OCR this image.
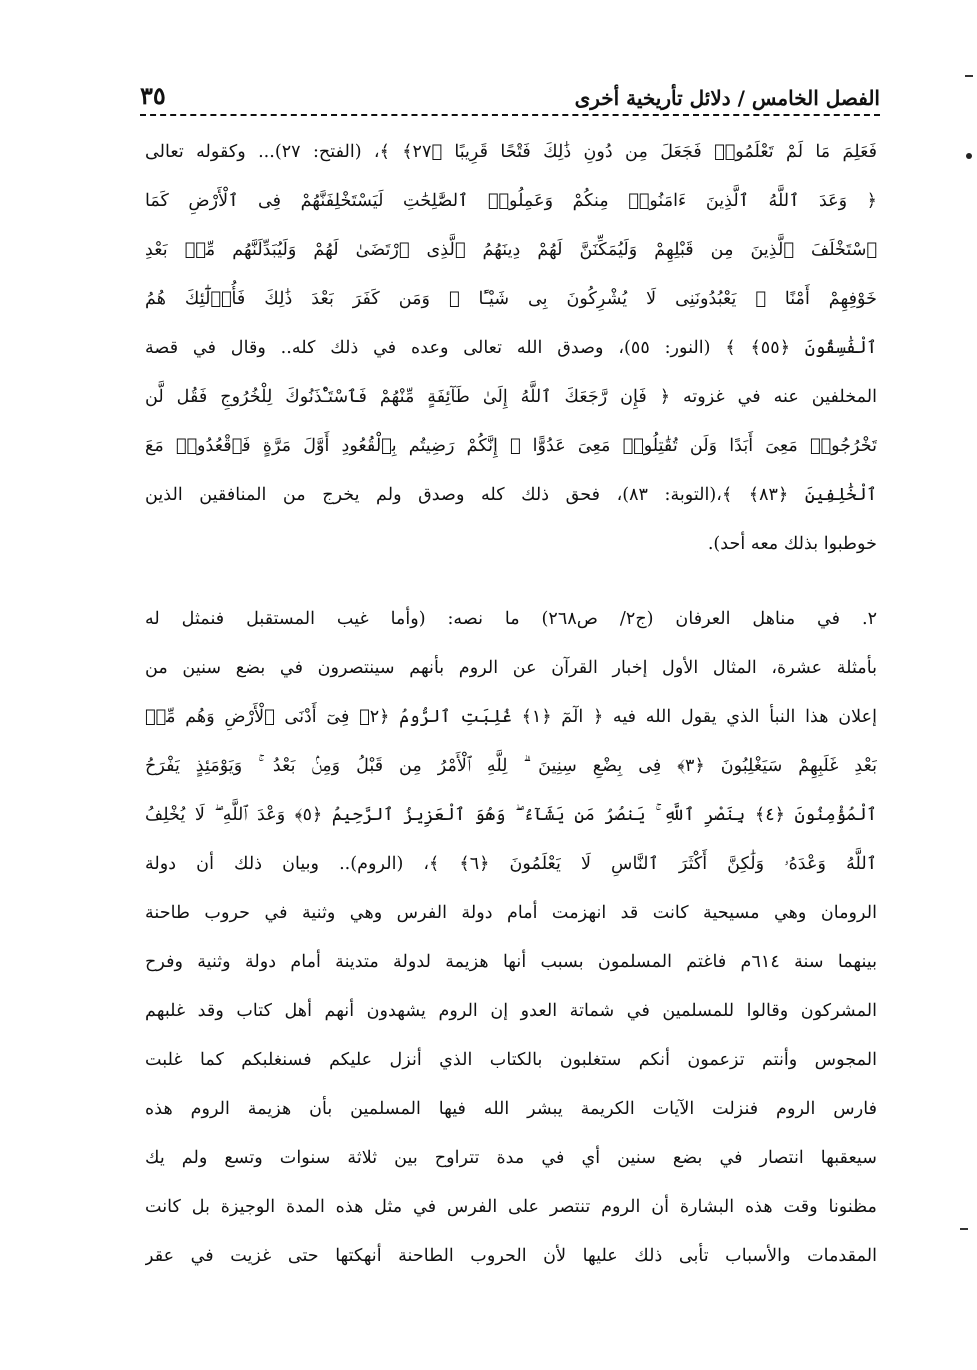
الفصل الخامس / دلائل تأريخية أخرى
٣٥
فَعَلِمَ مَا لَمْ تَعْلَمُوا۟ فَجَعَلَ مِن دُونِ ذَٰلِكَ فَتْحًا قَرِيبًا ﴿٢٧﴾ ﴾، (الفتح: ٢٧)... وكقوله تعالى
﴿ وَعَدَ ٱللَّهُ ٱلَّذِينَ ءَامَنُوا۟ مِنكُمْ وَعَمِلُوا۟ ٱلصَّٰلِحَٰتِ لَيَسْتَخْلِفَنَّهُمْ فِى ٱلْأَرْضِ كَمَا
ٱسْتَخْلَفَ ٱلَّذِينَ مِن قَبْلِهِمْ وَلَيُمَكِّنَنَّ لَهُمْ دِينَهُمُ ٱلَّذِى ٱرْتَضَىٰ لَهُمْ وَلَيُبَدِّلَنَّهُم مِّنۢ بَعْدِ
خَوْفِهِمْ أَمْنًا ۚ يَعْبُدُونَنِى لَا يُشْرِكُونَ بِى شَيْـًٔا ۚ وَمَن كَفَرَ بَعْدَ ذَٰلِكَ فَأُو۟لَٰٓئِكَ هُمُ
ٱلْفَٰسِقُونَ ﴿٥٥﴾ ﴾ (النور: ٥٥)، وصدق الله تعالى وعده في ذلك كله.. وقال في قصة
المخلفين عنه في غزوته ﴿ فَإِن رَّجَعَكَ ٱللَّهُ إِلَىٰ طَآئِفَةٍ مِّنْهُمْ فَٱسْتَـْٔذَنُوكَ لِلْخُرُوجِ فَقُل لَّن
تَخْرُجُوا۟ مَعِىَ أَبَدًا وَلَن تُقَٰتِلُوا۟ مَعِىَ عَدُوًّا ۖ إِنَّكُمْ رَضِيتُم بِٱلْقُعُودِ أَوَّلَ مَرَّةٍ فَٱقْعُدُوا۟ مَعَ
ٱلْخَٰلِفِينَ ﴿٨٣﴾ ﴾،(التوبة: ٨٣)، فحق ذلك كله وصدق ولم يخرج من المنافقين الذين
خوطبوا بذلك معه أحد).
٢. في مناهل العرفان (ج٢/ ص٢٦٨) ما نصه: (وأما غيب المستقبل فنمثل له
بأمثلة عشرة، المثال الأول إخبار القرآن عن الروم بأنهم سينتصرون في بضع سنين من
إعلان هذا النبأ الذي يقول الله فيه ﴿ الٓمٓ ﴿١﴾ غُلِبَتِ ٱلرُّومُ ﴿٢﴾ فِىٓ أَدْنَى ٱلْأَرْضِ وَهُم مِّنۢ
بَعْدِ غَلَبِهِمْ سَيَغْلِبُونَ ﴿٣﴾ فِى بِضْعِ سِنِينَ ۗ لِلَّهِ ٱلْأَمْرُ مِن قَبْلُ وَمِنۢ بَعْدُ ۚ وَيَوْمَئِذٍ يَفْرَحُ
ٱلْمُؤْمِنُونَ ﴿٤﴾ بِنَصْرِ ٱللَّهِ ۚ يَنصُرُ مَن يَشَآءُ ۖ وَهُوَ ٱلْعَزِيزُ ٱلرَّحِيمُ ﴿٥﴾ وَعْدَ ٱللَّهِ ۖ لَا يُخْلِفُ
ٱللَّهُ وَعْدَهُۥ وَلَٰكِنَّ أَكْثَرَ ٱلنَّاسِ لَا يَعْلَمُونَ ﴿٦﴾ ﴾، (الروم).. وبيان ذلك أن دولة
الرومان وهي مسيحية كانت قد انهزمت أمام دولة الفرس وهي وثنية في حروب طاحنة
بينهما سنة ٦١٤م فاغتم المسلمون بسبب أنها هزيمة لدولة متدينة أمام دولة وثنية وفرح
المشركون وقالوا للمسلمين في شماتة العدو إن الروم يشهدون أنهم أهل كتاب وقد غلبهم
المجوس وأنتم تزعمون أنكم ستغلبون بالكتاب الذي أنزل عليكم فسنغلبكم كما غلبت
فارس الروم فنزلت الآيات الكريمة يبشر الله فيها المسلمين بأن هزيمة الروم هذه
سيعقبها انتصار في بضع سنين أي في مدة تتراوح بين ثلاثة سنوات وتسع ولم يك
مظنونا وقت هذه البشارة أن الروم تنتصر على الفرس في مثل هذه المدة الوجيزة بل كانت
المقدمات والأسباب تأبى ذلك عليها لأن الحروب الطاحنة أنهكتها حتى غزيت في عقر
